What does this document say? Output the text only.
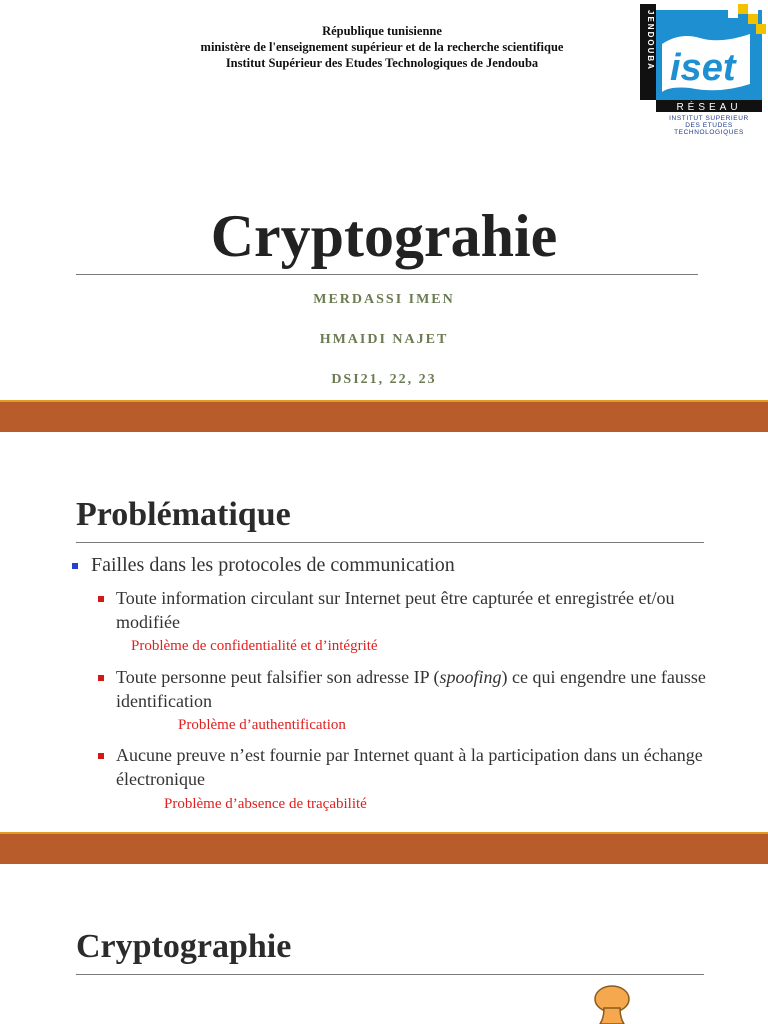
République tunisienne
ministère de l'enseignement supérieur et de la recherche scientifique
Institut Supérieur des Etudes Technologiques de Jendouba	JENDOUBA iset
RÉSEAU
INSTITUT SUPERIEUR
DES ETUDES
TECHNOLOGIQUES
Cryptograhie
MERDASSI IMEN
HMAIDI NAJET
DSI21, 22, 23
Problématique
Failles dans les protocoles de communication
Toute information circulant sur Internet peut être capturée et enregistrée et/ou modifiée
Problème de confidentialité et d’intégrité
Toute personne peut falsifier son adresse IP (spoofing) ce qui engendre une fausse identification
Problème d’authentification
Aucune preuve n’est fournie par Internet quant à la participation dans un échange électronique
Problème d’absence de traçabilité
Cryptographie
